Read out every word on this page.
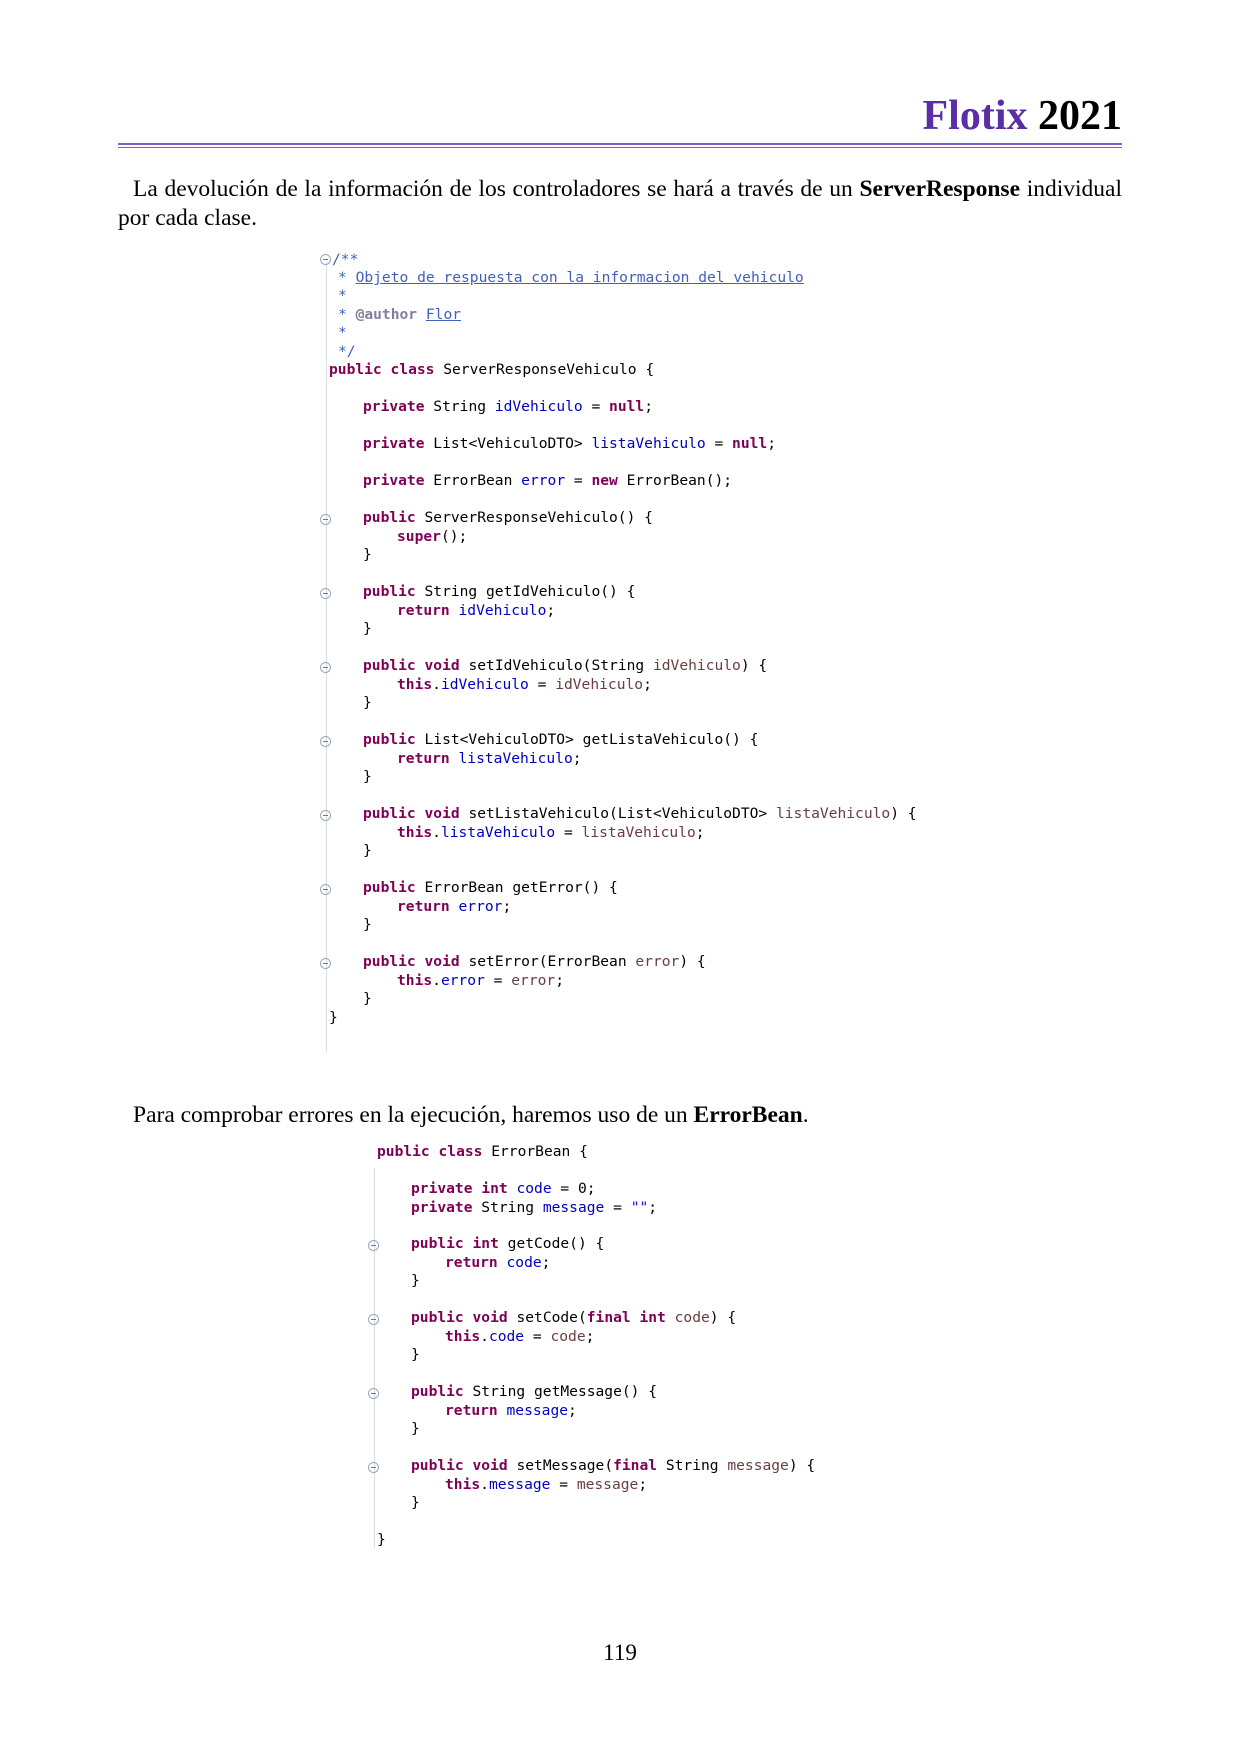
Flotix 2021
La devolución de la información de los controladores se hará a través de un ServerResponse individual por cada clase.
/**
* Objeto de respuesta con la informacion del vehiculo
*
* @author Flor
*
*/
public class ServerResponseVehiculo {
private String idVehiculo = null;
private List<VehiculoDTO> listaVehiculo = null;
private ErrorBean error = new ErrorBean();
public ServerResponseVehiculo() {
super();
}
public String getIdVehiculo() {
return idVehiculo;
}
public void setIdVehiculo(String idVehiculo) {
this.idVehiculo = idVehiculo;
}
public List<VehiculoDTO> getListaVehiculo() {
return listaVehiculo;
}
public void setListaVehiculo(List<VehiculoDTO> listaVehiculo) {
this.listaVehiculo = listaVehiculo;
}
public ErrorBean getError() {
return error;
}
public void setError(ErrorBean error) {
this.error = error;
}
}
Para comprobar errores en la ejecución, haremos uso de un ErrorBean.
public class ErrorBean {
private int code = 0;
private String message = "";
public int getCode() {
return code;
}
public void setCode(final int code) {
this.code = code;
}
public String getMessage() {
return message;
}
public void setMessage(final String message) {
this.message = message;
}
}
119
